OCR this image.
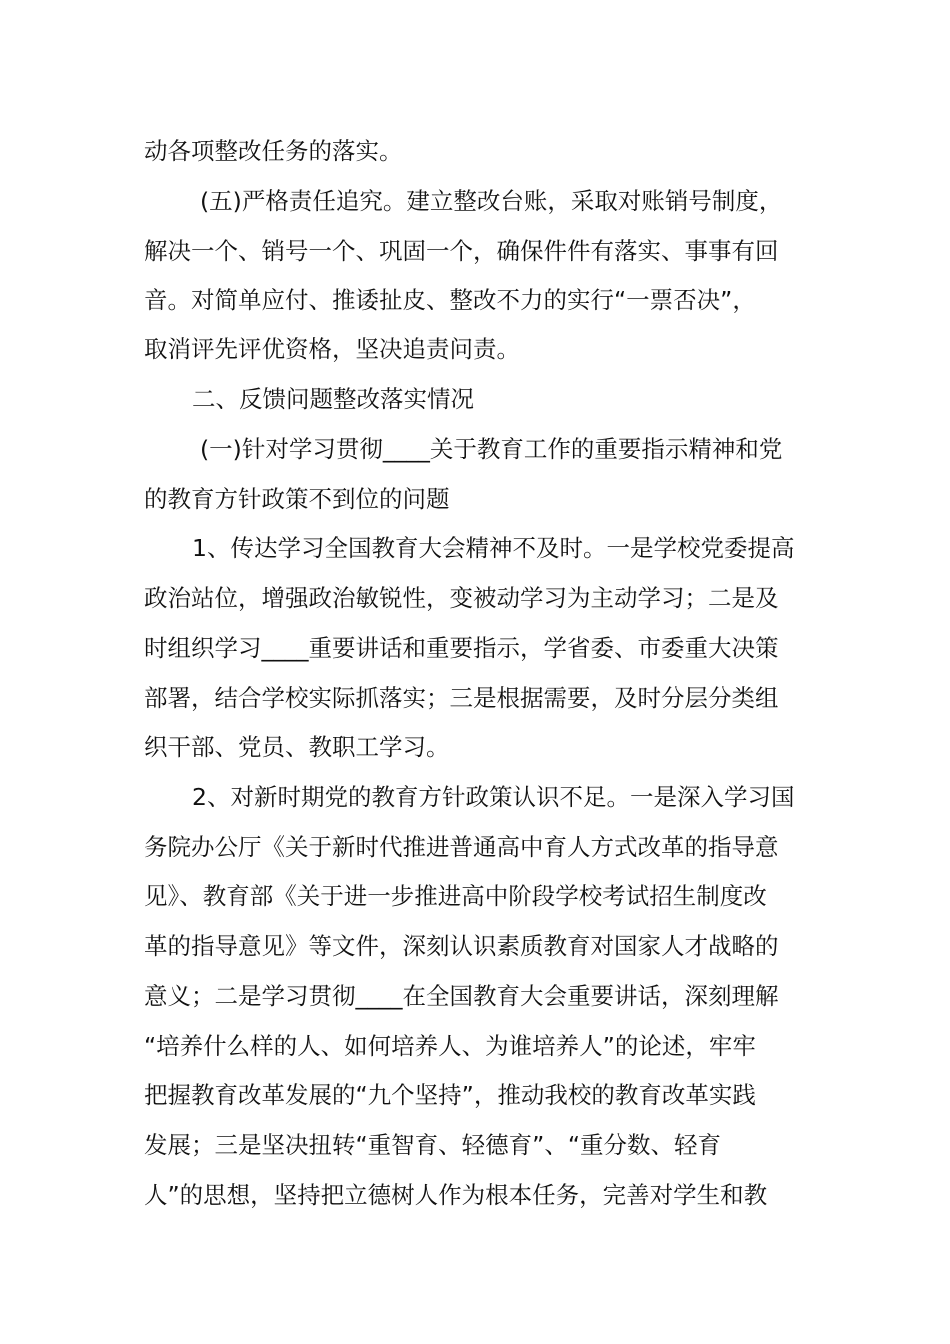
动各项整改任务的落实。
(五)严格责任追究。建立整改台账，采取对账销号制度，
解决一个、销号一个、巩固一个，确保件件有落实、事事有回
音。对简单应付、推诿扯皮、整改不力的实行“一票否决”，
取消评先评优资格，坚决追责问责。
二、反馈问题整改落实情况
(一)针对学习贯彻____关于教育工作的重要指示精神和党
的教育方针政策不到位的问题
1、传达学习全国教育大会精神不及时。一是学校党委提高
政治站位，增强政治敏锐性，变被动学习为主动学习；二是及
时组织学习____重要讲话和重要指示，学省委、市委重大决策
部署，结合学校实际抓落实；三是根据需要，及时分层分类组
织干部、党员、教职工学习。
2、对新时期党的教育方针政策认识不足。一是深入学习国
务院办公厅《关于新时代推进普通高中育人方式改革的指导意
见》、教育部《关于进一步推进高中阶段学校考试招生制度改
革的指导意见》等文件，深刻认识素质教育对国家人才战略的
意义；二是学习贯彻____在全国教育大会重要讲话，深刻理解
“培养什么样的人、如何培养人、为谁培养人”的论述，牢牢
把握教育改革发展的“九个坚持”，推动我校的教育改革实践
发展；三是坚决扭转“重智育、轻德育”、“重分数、轻育
人”的思想，坚持把立德树人作为根本任务，完善对学生和教
